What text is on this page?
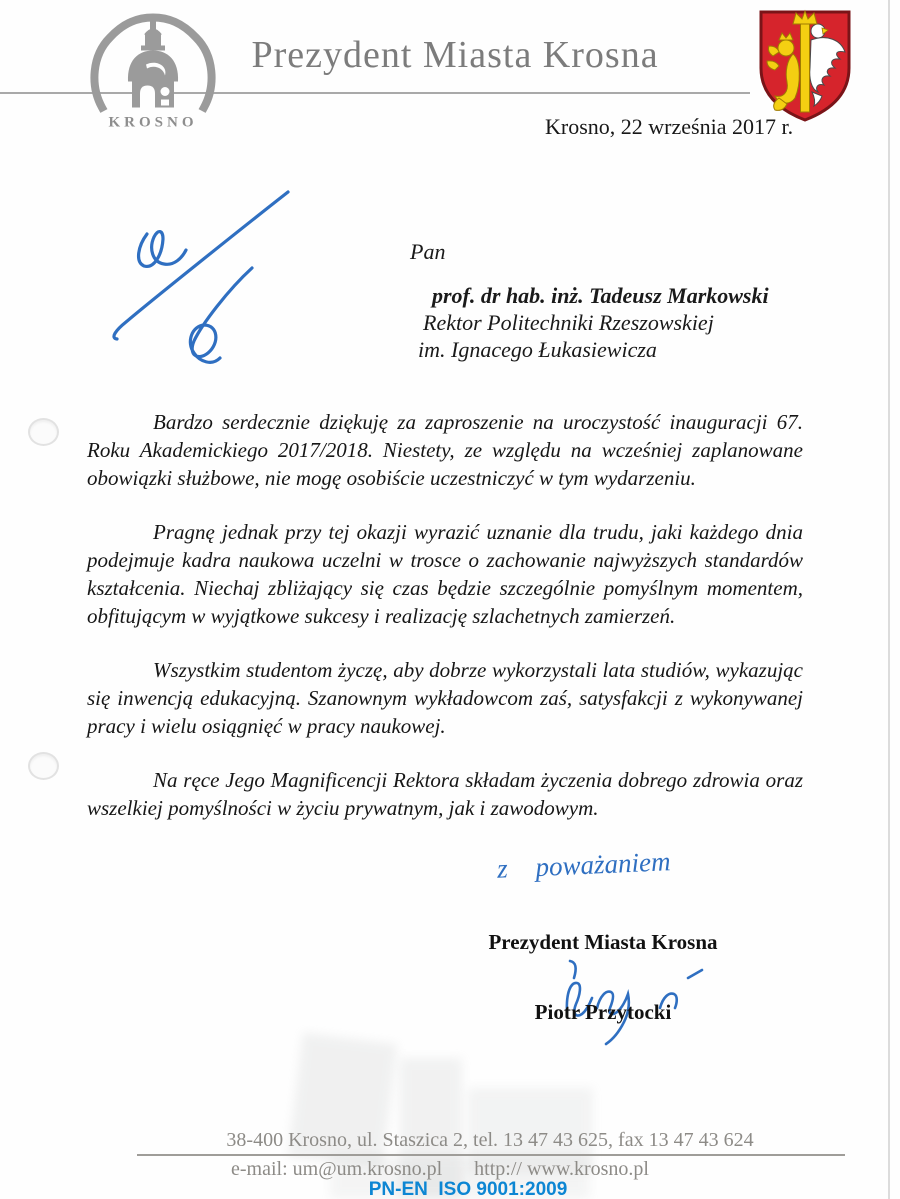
KROSNO
Prezydent Miasta Krosna
Krosno, 22 września 2017 r.
Pan
prof. dr hab. inż. Tadeusz Markowski
Rektor Politechniki Rzeszowskiej
im. Ignacego Łukasiewicza

Bardzo serdecznie dziękuję za zaproszenie na uroczystość inauguracji 67. Roku Akademickiego 2017/2018. Niestety, ze względu na wcześniej zaplanowane obowiązki służbowe, nie mogę osobiście uczestniczyć w tym wydarzeniu.

Pragnę jednak przy tej okazji wyrazić uznanie dla trudu, jaki każdego dnia podejmuje kadra naukowa uczelni w trosce o zachowanie najwyższych standardów kształcenia. Niechaj zbliżający się czas będzie szczególnie pomyślnym momentem, obfitującym w wyjątkowe sukcesy i realizację szlachetnych zamierzeń.

Wszystkim studentom życzę, aby dobrze wykorzystali lata studiów, wykazując się inwencją edukacyjną. Szanownym wykładowcom zaś, satysfakcji z wykonywanej pracy i wielu osiągnięć w pracy naukowej.

Na ręce Jego Magnificencji Rektora składam życzenia dobrego zdrowia oraz wszelkiej pomyślności w życiu prywatnym, jak i zawodowym.

z poważaniem
Prezydent Miasta Krosna
Piotr Przytocki
38-400 Krosno, ul. Staszica 2, tel. 13 47 43 625, fax 13 47 43 624
e-mail: um@um.krosno.pl http:// www.krosno.pl
PN-EN  ISO 9001:2009
